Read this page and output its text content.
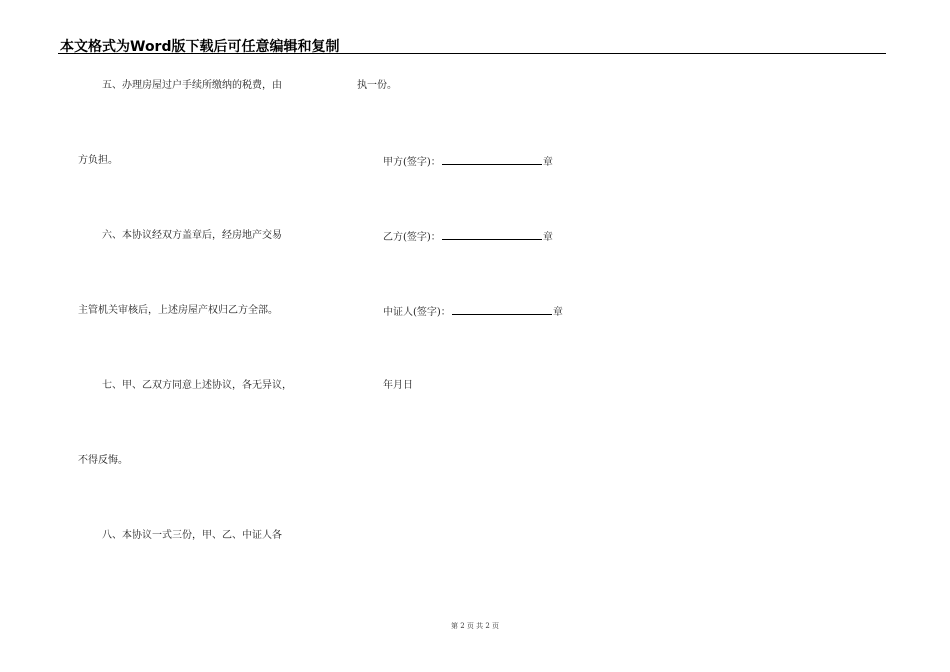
本文格式为Word版下载后可任意编辑和复制
五、办理房屋过户手续所缴纳的税费，由	执一份。
方负担。
六、本协议经双方盖章后，经房地产交易
主管机关审核后，上述房屋产权归乙方全部。
七、甲、乙双方同意上述协议，各无异议，
不得反悔。
八、本协议一式三份，甲、乙、中证人各
甲方(签字)：	章
乙方(签字)：	章
中证人(签字)：	章
年月日
第 2 页 共 2 页
